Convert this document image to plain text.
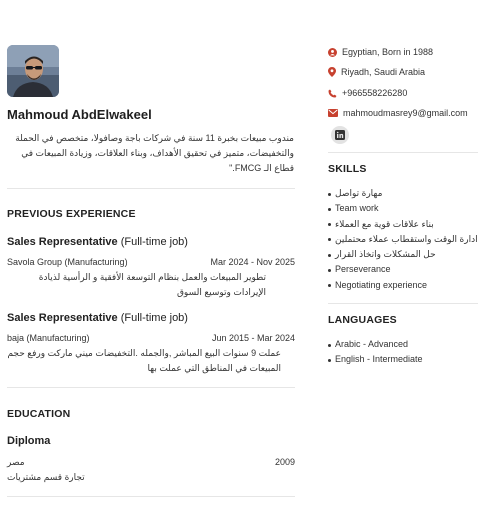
Mahmoud AbdElwakeel
مندوب مبيعات بخبرة 11 سنة في شركات باجة وصافولا، متخصص في الحملة والتخفيضات، متميز في تحقيق الأهداف، وبناء العلاقات، وزيادة المبيعات في قطاع الـ FMCG."
PREVIOUS EXPERIENCE
Sales Representative (Full-time job)
Savola Group (Manufacturing)	Mar 2024 - Nov 2025
تطوير المبيعات والعمل بنظام التوسعة الأفقية و الرأسية لذيادة الإيرادات وتوسيع السوق
Sales Representative (Full-time job)
baja (Manufacturing)	Jun 2015 - Mar 2024
عملت 9 سنوات البيع المباشر ,والجمله .التخفيضات ميني ماركت ورفع حجم المبيعات في المناطق التي عملت بها
EDUCATION
Diploma
مصر	2009
تجارة قسم مشتريات
Egyptian, Born in 1988
Riyadh, Saudi Arabia
+966558226280
mahmoudmasrey9@gmail.com
SKILLS
مهارة تواصل
Team work
بناء علاقات قوية مع العملاء
ادارة الوقت واستقطاب عملاء محتملين
حل المشكلات واتخاذ القرار
Perseverance
Negotiating experience
LANGUAGES
Arabic - Advanced
English - Intermediate
